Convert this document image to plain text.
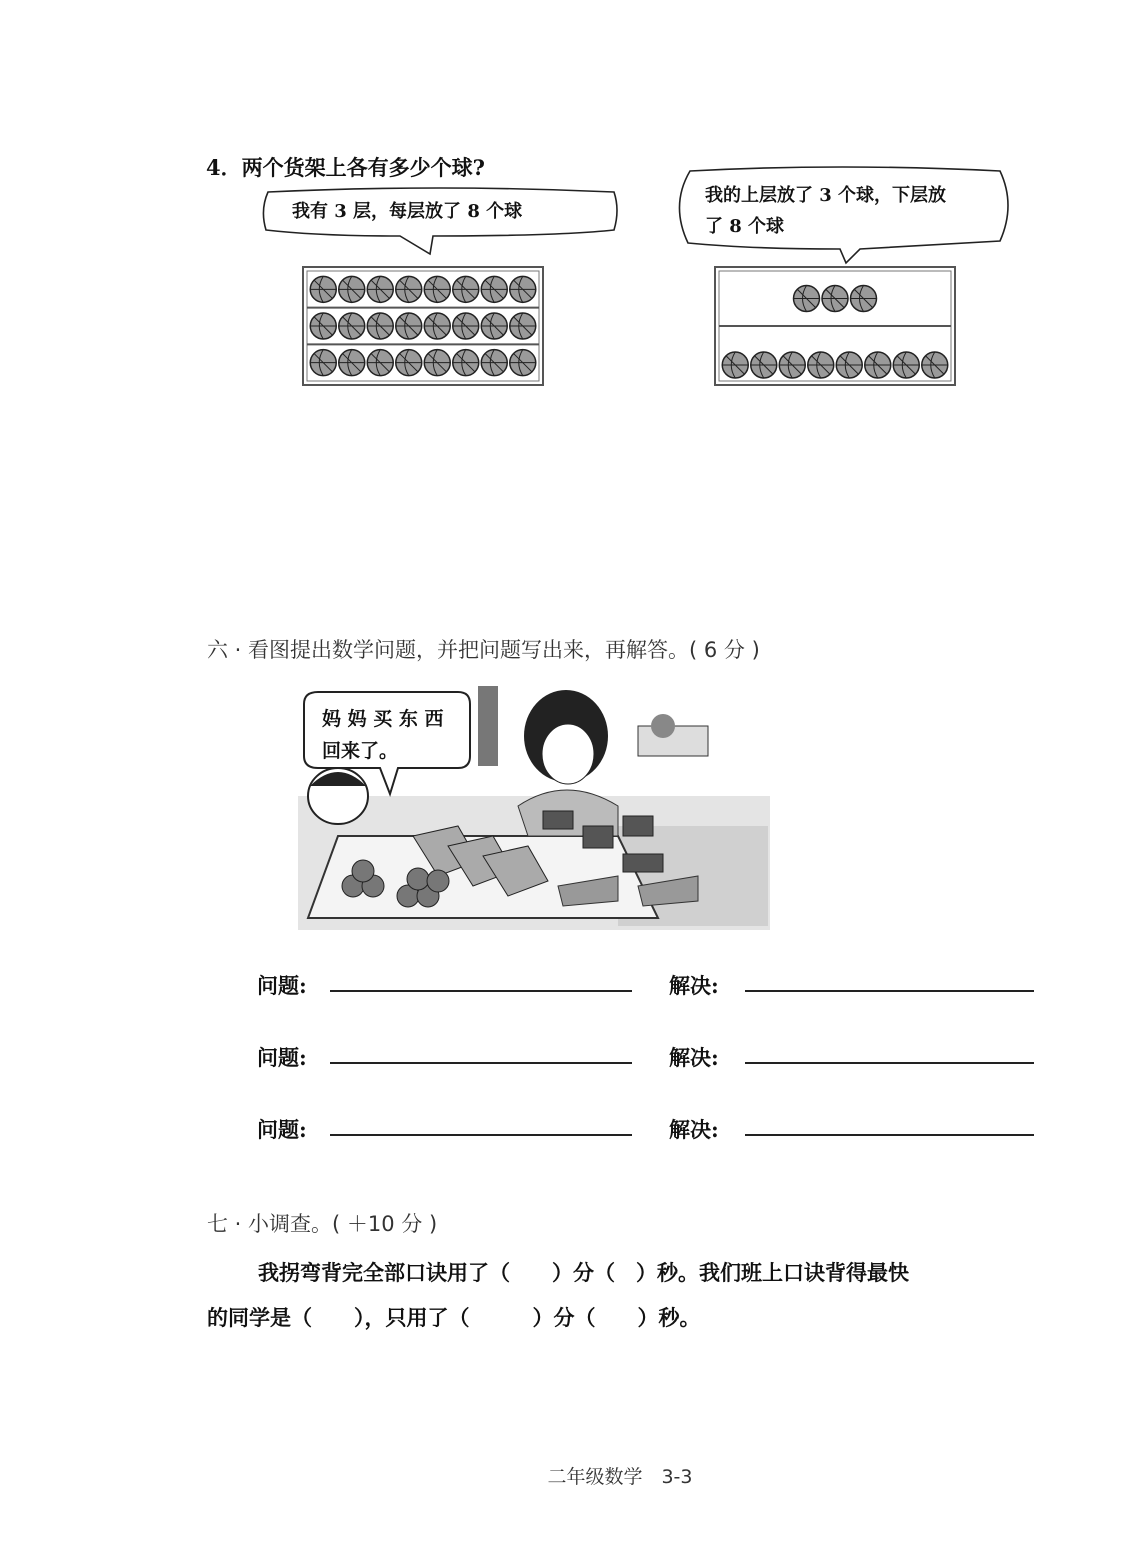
4．两个货架上各有多少个球?
我有 3 层，每层放了 8 个球
我的上层放了 3 个球，下层放
了 8 个球
六 · 看图提出数学问题，并把问题写出来，再解答。( 6 分 )
妈 妈 买 东 西
回来了。
问题:	解决:
问题:	解决:
问题:	解决:
七 · 小调查。( ＋10 分 )
我拐弯背完全部口诀用了（　　）分（　）秒。我们班上口诀背得最快
的同学是（　　），只用了（　　　）分（　　）秒。
二年级数学　3-3
